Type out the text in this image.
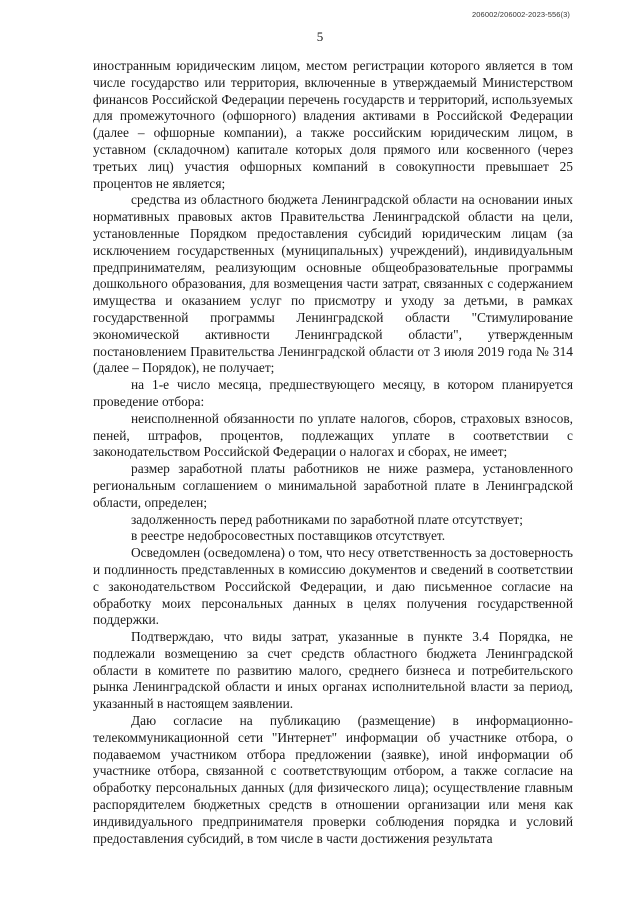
206002/206002-2023-556(3)
5

иностранным юридическим лицом, местом регистрации которого является в том числе государство или территория, включенные в утверждаемый Министерством финансов Российской Федерации перечень государств и территорий, используемых для промежуточного (офшорного) владения активами в Российской Федерации (далее – офшорные компании), а также российским юридическим лицом, в уставном (складочном) капитале которых доля прямого или косвенного (через третьих лиц) участия офшорных компаний в совокупности превышает 25 процентов не является;

средства из областного бюджета Ленинградской области на основании иных нормативных правовых актов Правительства Ленинградской области на цели, установленные Порядком предоставления субсидий юридическим лицам (за исключением государственных (муниципальных) учреждений), индивидуальным предпринимателям, реализующим основные общеобразовательные программы дошкольного образования, для возмещения части затрат, связанных с содержанием имущества и оказанием услуг по присмотру и уходу за детьми, в рамках государственной программы Ленинградской области "Стимулирование экономической активности Ленинградской области", утвержденным постановлением Правительства Ленинградской области от 3 июля 2019 года № 314 (далее – Порядок), не получает;

на 1-е число месяца, предшествующего месяцу, в котором планируется проведение отбора:

неисполненной обязанности по уплате налогов, сборов, страховых взносов, пеней, штрафов, процентов, подлежащих уплате в соответствии с законодательством Российской Федерации о налогах и сборах, не имеет;

размер заработной платы работников не ниже размера, установленного региональным соглашением о минимальной заработной плате в Ленинградской области, определен;

задолженность перед работниками по заработной плате отсутствует;

в реестре недобросовестных поставщиков отсутствует.

Осведомлен (осведомлена) о том, что несу ответственность за достоверность и подлинность представленных в комиссию документов и сведений в соответствии с законодательством Российской Федерации, и даю письменное согласие на обработку моих персональных данных в целях получения государственной поддержки.

Подтверждаю, что виды затрат, указанные в пункте 3.4 Порядка, не подлежали возмещению за счет средств областного бюджета Ленинградской области в комитете по развитию малого, среднего бизнеса и потребительского рынка Ленинградской области и иных органах исполнительной власти за период, указанный в настоящем заявлении.

Даю согласие на публикацию (размещение) в информационно-телекоммуникационной сети "Интернет" информации об участнике отбора, о подаваемом участником отбора предложении (заявке), иной информации об участнике отбора, связанной с соответствующим отбором, а также согласие на обработку персональных данных (для физического лица); осуществление главным распорядителем бюджетных средств в отношении организации или меня как индивидуального предпринимателя проверки соблюдения порядка и условий предоставления субсидий, в том числе в части достижения результата
